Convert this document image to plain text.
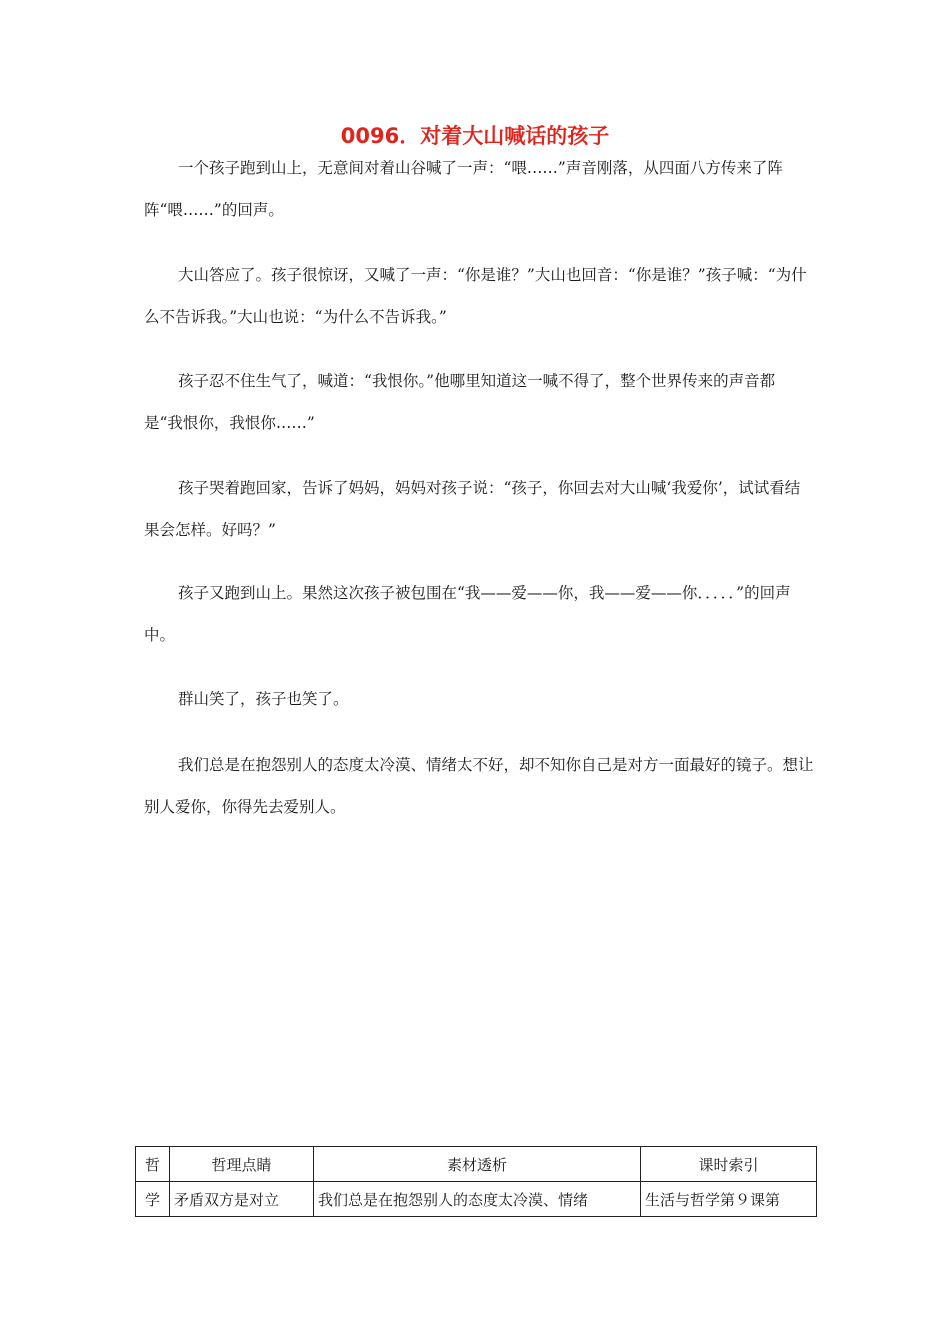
0096．对着大山喊话的孩子

一个孩子跑到山上，无意间对着山谷喊了一声：“喂……”声音刚落，从四面八方传来了阵阵“喂……”的回声。

大山答应了。孩子很惊讶，又喊了一声：“你是谁？”大山也回音：“你是谁？”孩子喊：“为什么不告诉我。”大山也说：“为什么不告诉我。”

孩子忍不住生气了，喊道：“我恨你。”他哪里知道这一喊不得了，整个世界传来的声音都是“我恨你，我恨你……”

孩子哭着跑回家，告诉了妈妈，妈妈对孩子说：“孩子，你回去对大山喊‘我爱你’，试试看结果会怎样。好吗？”

孩子又跑到山上。果然这次孩子被包围在“我——爱——你，我——爱——你．．．．．”的回声中。

群山笑了，孩子也笑了。

我们总是在抱怨别人的态度太冷漠、情绪太不好，却不知你自己是对方一面最好的镜子。想让别人爱你，你得先去爱别人。

哲	哲理点睛	素材透析	课时索引
学	矛盾双方是对立	我们总是在抱怨别人的态度太冷漠、情绪	生活与哲学第９课第
